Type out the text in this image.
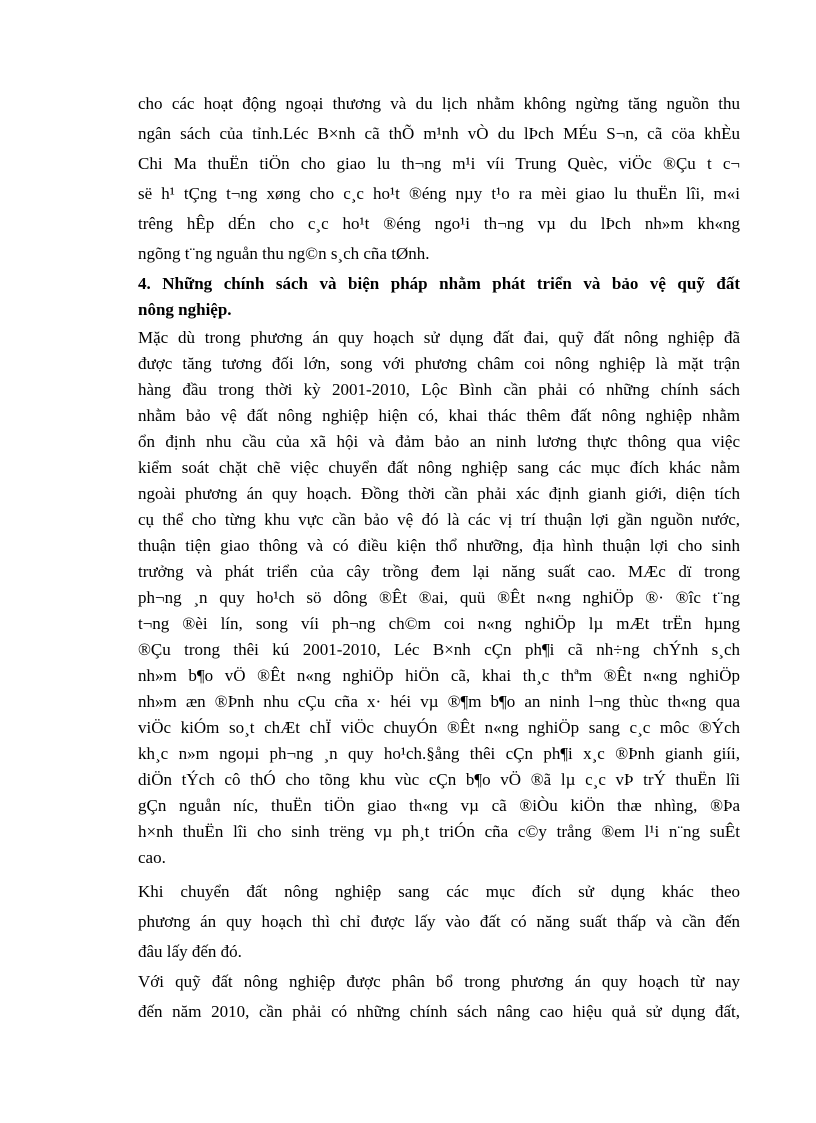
cho các hoạt động ngoại thương và du lịch nhằm không ngừng tăng nguồn thu
ngân sách của tỉnh.Léc B×nh cã thÕ m¹nh vÒ du lÞch MÉu S¬n, cã cöa khÈu
Chi Ma thuËn tiÖn cho giao lu th¬ng m¹i víi Trung Quèc, viÖc ®Çu t c¬
së h¹ tÇng t¬ng xøng cho c¸c ho¹t ®éng nµy t¹o ra mèi giao lu thuËn lîi, m«i
trêng hÊp dÉn cho c¸c ho¹t ®éng ngo¹i th¬ng vµ du lÞch nh»m kh«ng
ngõng t¨ng nguån thu ng©n s¸ch cña tØnh.
4. Những chính sách và biện pháp nhằm phát triển và bảo vệ quỹ đất
nông nghiệp.
Mặc dù trong phương án quy hoạch sử dụng đất đai, quỹ đất nông nghiệp đã
được tăng tương đối lớn, song với phương châm coi nông nghiệp là mặt trận
hàng đầu trong thời kỳ 2001-2010, Lộc Bình cần phải có những chính sách
nhằm bảo vệ đất nông nghiệp hiện có, khai thác thêm đất nông nghiệp nhằm
ổn định nhu cầu của xã hội và đảm bảo an ninh lương thực thông qua việc
kiểm soát chặt chẽ việc chuyển đất nông nghiệp sang các mục đích khác nằm
ngoài phương án quy hoạch. Đồng thời cần phải xác định gianh giới, diện tích
cụ thể cho từng khu vực cần bảo vệ đó là các vị trí thuận lợi gần nguồn nước,
thuận tiện giao thông và có điều kiện thổ nhưỡng, địa hình thuận lợi cho sinh
trưởng và phát triển của cây trồng đem lại năng suất cao. MÆc dï trong
ph¬ng ¸n quy ho¹ch sö dông ®Êt ®ai, quü ®Êt n«ng nghiÖp ®· ®îc t¨ng
t¬ng ®èi lín, song víi ph¬ng ch©m coi n«ng nghiÖp lµ mÆt trËn hµng
®Çu trong thêi kú 2001-2010, Léc B×nh cÇn ph¶i cã nh÷ng chÝnh s¸ch
nh»m b¶o vÖ ®Êt n«ng nghiÖp hiÖn cã, khai th¸c thªm ®Êt n«ng nghiÖp
nh»m æn ®Þnh nhu cÇu cña x· héi vµ ®¶m b¶o an ninh l¬ng thùc th«ng qua
viÖc kiÓm so¸t chÆt chÏ viÖc chuyÓn ®Êt n«ng nghiÖp sang c¸c môc ®Ých
kh¸c n»m ngoµi ph¬ng ¸n quy ho¹ch.§ång thêi cÇn ph¶i x¸c ®Þnh gianh giíi,
diÖn tÝch cô thÓ cho tõng khu vùc cÇn b¶o vÖ ®ã lµ c¸c vÞ trÝ thuËn lîi
gÇn nguån níc, thuËn tiÖn giao th«ng vµ cã ®iÒu kiÖn thæ nhìng, ®Þa
h×nh thuËn lîi cho sinh trëng vµ ph¸t triÓn cña c©y trång ®em l¹i n¨ng suÊt
cao.
Khi chuyển đất nông nghiệp sang các mục đích sử dụng khác theo
phương án quy hoạch thì chỉ được lấy vào đất có năng suất thấp và cần đến
đâu lấy đến đó.
Với quỹ đất nông nghiệp được phân bổ trong phương án quy hoạch từ nay
đến năm 2010, cần phải có những chính sách nâng cao hiệu quả sử dụng đất,
